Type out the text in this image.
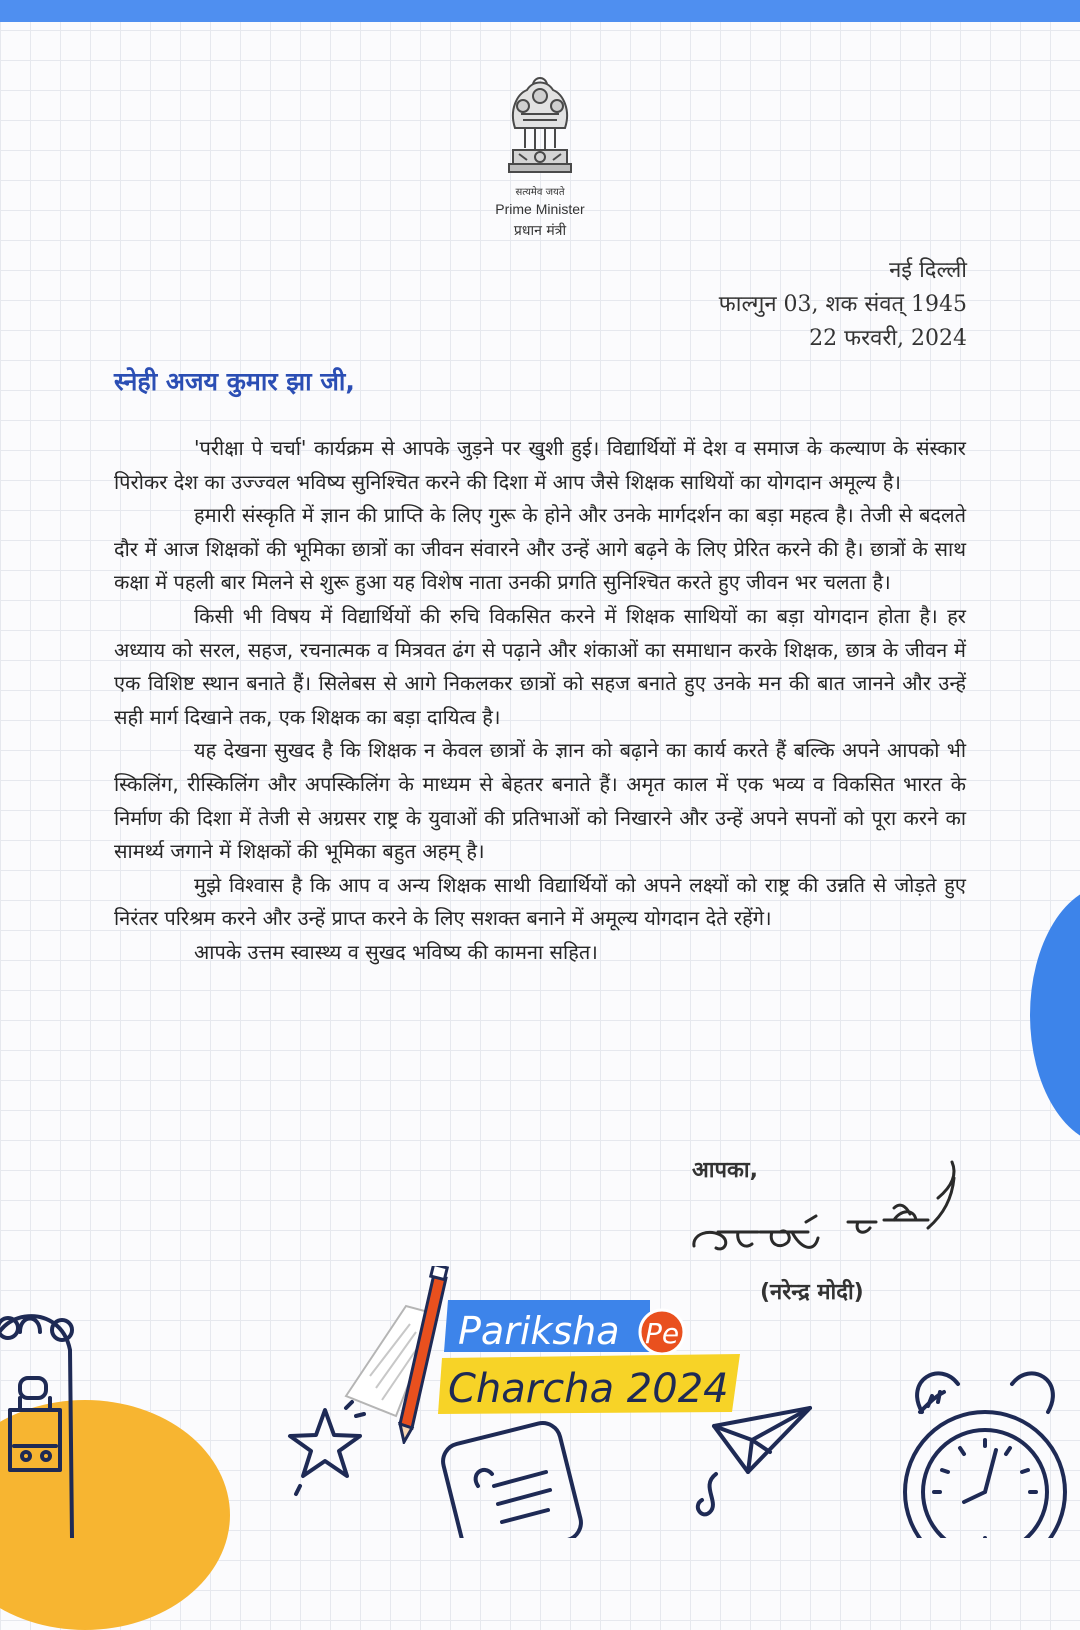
सत्यमेव जयते
Prime Minister
प्रधान मंत्री
नई दिल्ली
फाल्गुन 03, शक संवत् 1945
22 फरवरी, 2024
स्नेही अजय कुमार झा जी,

'परीक्षा पे चर्चा' कार्यक्रम से आपके जुड़ने पर खुशी हुई। विद्यार्थियों में देश व समाज के कल्याण के संस्कार पिरोकर देश का उज्ज्वल भविष्य सुनिश्चित करने की दिशा में आप जैसे शिक्षक साथियों का योगदान अमूल्य है।

हमारी संस्कृति में ज्ञान की प्राप्ति के लिए गुरू के होने और उनके मार्गदर्शन का बड़ा महत्व है। तेजी से बदलते दौर में आज शिक्षकों की भूमिका छात्रों का जीवन संवारने और उन्हें आगे बढ़ने के लिए प्रेरित करने की है। छात्रों के साथ कक्षा में पहली बार मिलने से शुरू हुआ यह विशेष नाता उनकी प्रगति सुनिश्चित करते हुए जीवन भर चलता है।

किसी भी विषय में विद्यार्थियों की रुचि विकसित करने में शिक्षक साथियों का बड़ा योगदान होता है। हर अध्याय को सरल, सहज, रचनात्मक व मित्रवत ढंग से पढ़ाने और शंकाओं का समाधान करके शिक्षक, छात्र के जीवन में एक विशिष्ट स्थान बनाते हैं। सिलेबस से आगे निकलकर छात्रों को सहज बनाते हुए उनके मन की बात जानने और उन्हें सही मार्ग दिखाने तक, एक शिक्षक का बड़ा दायित्व है।

यह देखना सुखद है कि शिक्षक न केवल छात्रों के ज्ञान को बढ़ाने का कार्य करते हैं बल्कि अपने आपको भी स्किलिंग, रीस्किलिंग और अपस्किलिंग के माध्यम से बेहतर बनाते हैं। अमृत काल में एक भव्य व विकसित भारत के निर्माण की दिशा में तेजी से अग्रसर राष्ट्र के युवाओं की प्रतिभाओं को निखारने और उन्हें अपने सपनों को पूरा करने का सामर्थ्य जगाने में शिक्षकों की भूमिका बहुत अहम् है।

मुझे विश्वास है कि आप व अन्य शिक्षक साथी विद्यार्थियों को अपने लक्ष्यों को राष्ट्र की उन्नति से जोड़ते हुए निरंतर परिश्रम करने और उन्हें प्राप्त करने के लिए सशक्त बनाने में अमूल्य योगदान देते रहेंगे।

आपके उत्तम स्वास्थ्य व सुखद भविष्य की कामना सहित।

आपका,
(नरेन्द्र मोदी)
Pariksha Pe
Charcha 2024
